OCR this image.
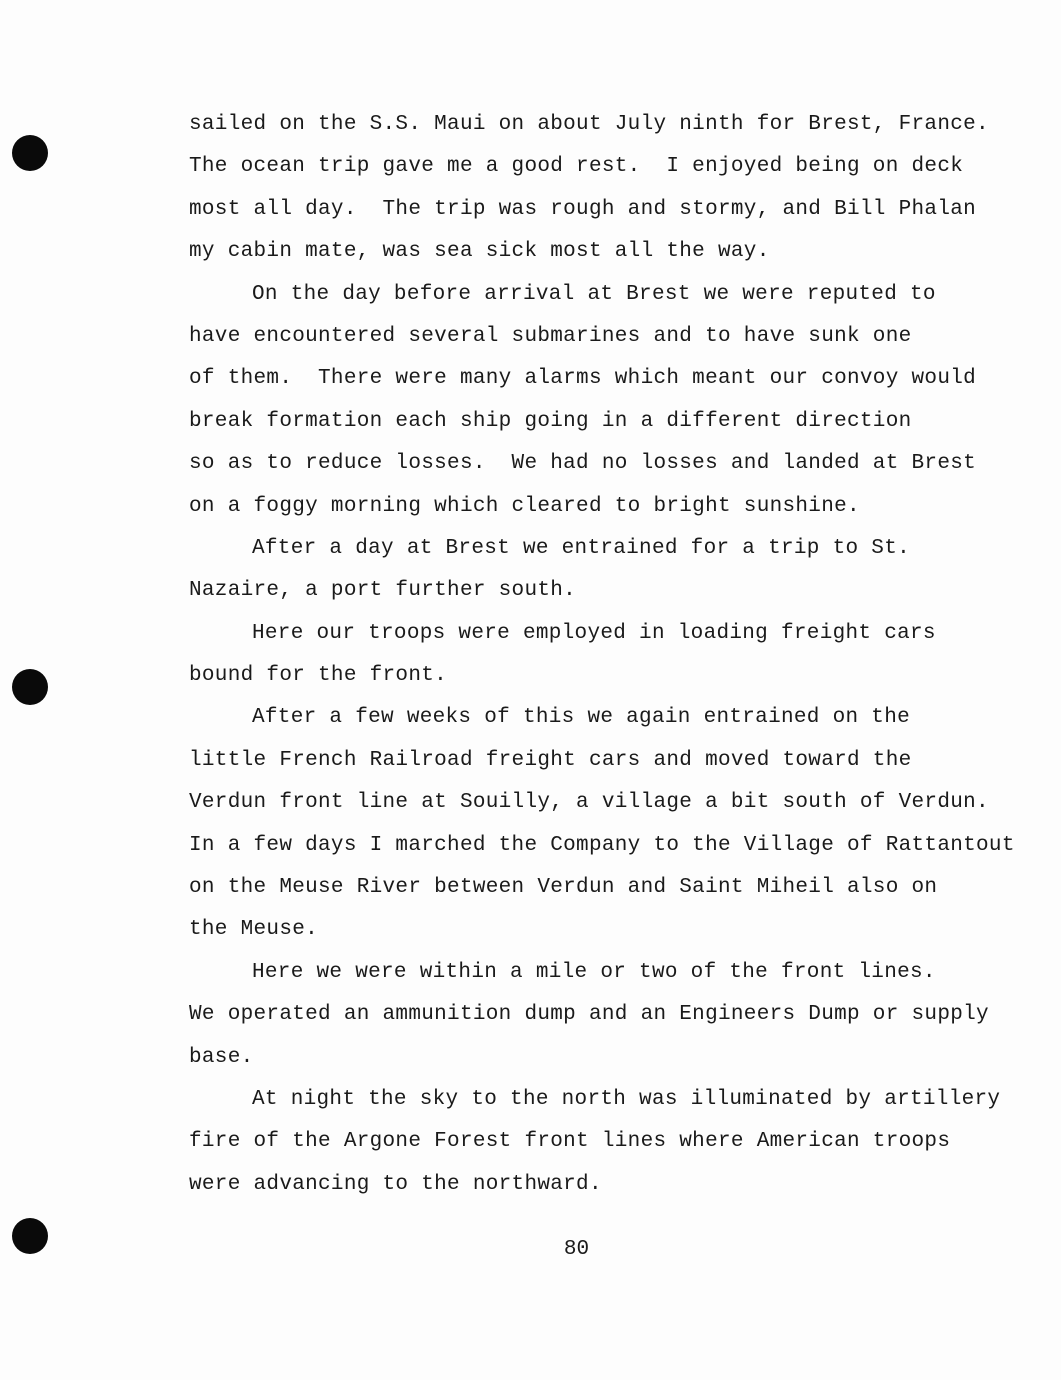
sailed on the S.S. Maui on about July ninth for Brest, France.
The ocean trip gave me a good rest.  I enjoyed being on deck
most all day.  The trip was rough and stormy, and Bill Phalan
my cabin mate, was sea sick most all the way.
On the day before arrival at Brest we were reputed to
have encountered several submarines and to have sunk one
of them.  There were many alarms which meant our convoy would
break formation each ship going in a different direction
so as to reduce losses.  We had no losses and landed at Brest
on a foggy morning which cleared to bright sunshine.
After a day at Brest we entrained for a trip to St.
Nazaire, a port further south.
Here our troops were employed in loading freight cars
bound for the front.
After a few weeks of this we again entrained on the
little French Railroad freight cars and moved toward the
Verdun front line at Souilly, a village a bit south of Verdun.
In a few days I marched the Company to the Village of Rattantout
on the Meuse River between Verdun and Saint Miheil also on
the Meuse.
Here we were within a mile or two of the front lines.
We operated an ammunition dump and an Engineers Dump or supply
base.
At night the sky to the north was illuminated by artillery
fire of the Argone Forest front lines where American troops
were advancing to the northward.
80
